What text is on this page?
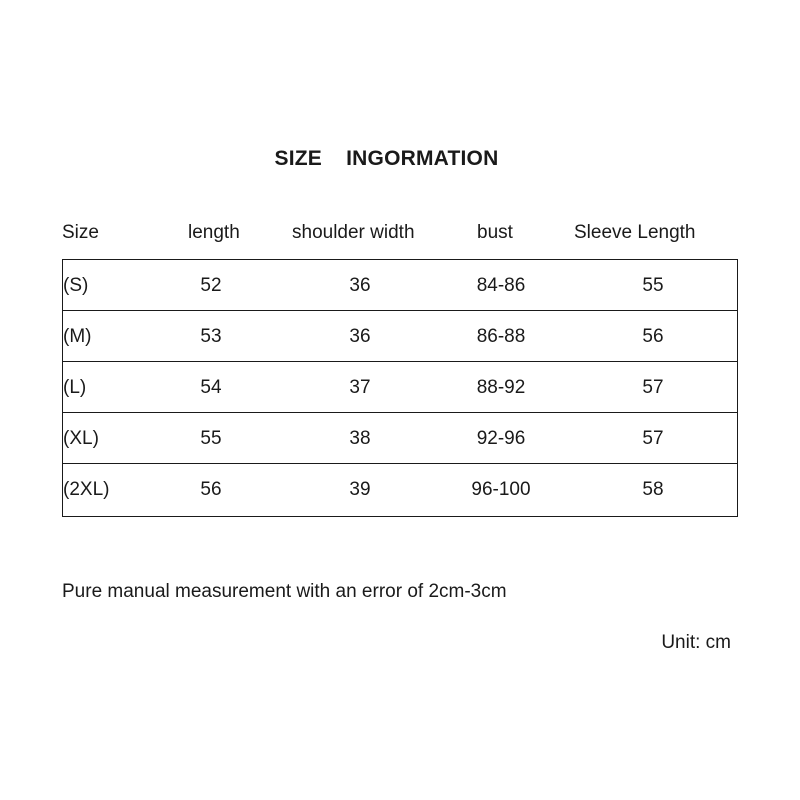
SIZE    INGORMATION
Size	length	shoulder width	bust	Sleeve Length
(S)	52	36	84-86	55
(M)	53	36	86-88	56
(L)	54	37	88-92	57
(XL)	55	38	92-96	57
(2XL)	56	39	96-100	58
Pure manual measurement with an error of 2cm-3cm
Unit: cm
